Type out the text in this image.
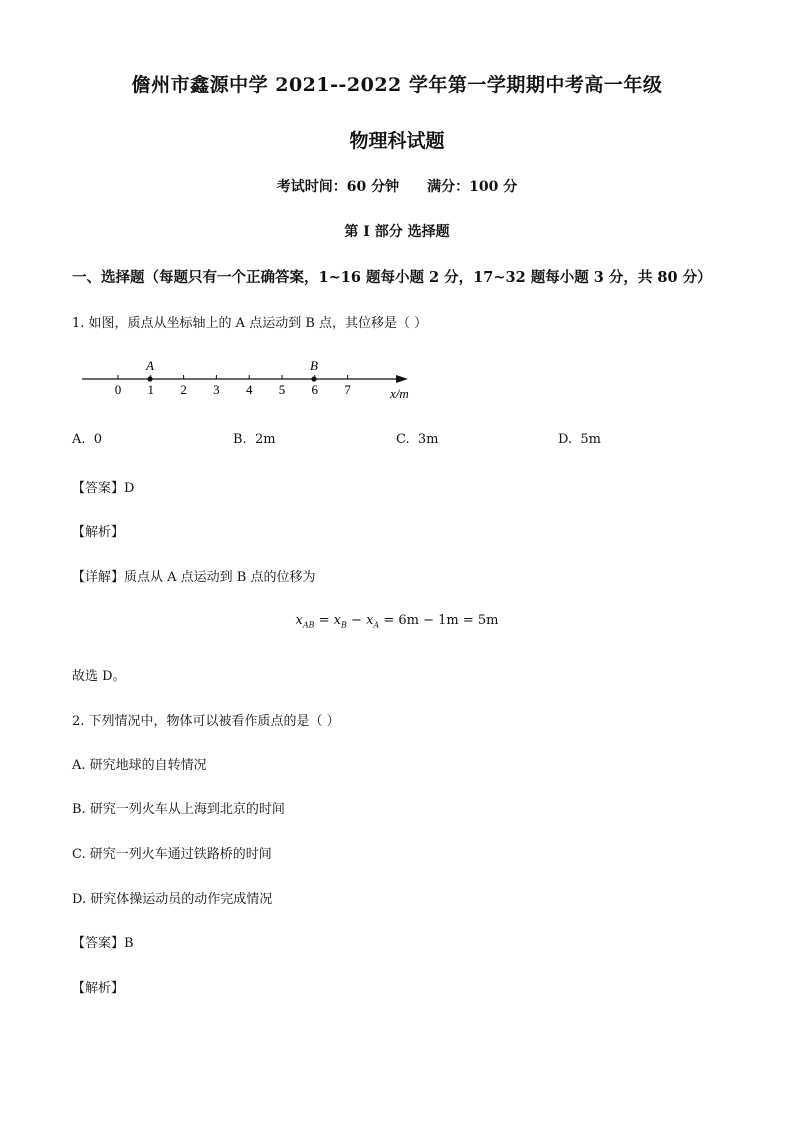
儋州市鑫源中学 2021--2022 学年第一学期期中考高一年级
物理科试题
考试时间：60 分钟 满分：100 分
第 I 部分 选择题
一、选择题（每题只有一个正确答案，1~16 题每小题 2 分，17~32 题每小题 3 分，共 80 分）
1. 如图，质点从坐标轴上的 A 点运动到 B 点，其位移是（ ）
0 1 2 3 4 5 6 7
A	B
x/m
A. 0	B. 2m	C. 3m	D. 5m
【答案】D
【解析】
【详解】质点从 A 点运动到 B 点的位移为
$x_{AB} = x_B - x_A = 6m - 1m = 5m$
故选 D。
2. 下列情况中，物体可以被看作质点的是（ ）
A. 研究地球的自转情况
B. 研究一列火车从上海到北京的时间
C. 研究一列火车通过铁路桥的时间
D. 研究体操运动员的动作完成情况
【答案】B
【解析】
